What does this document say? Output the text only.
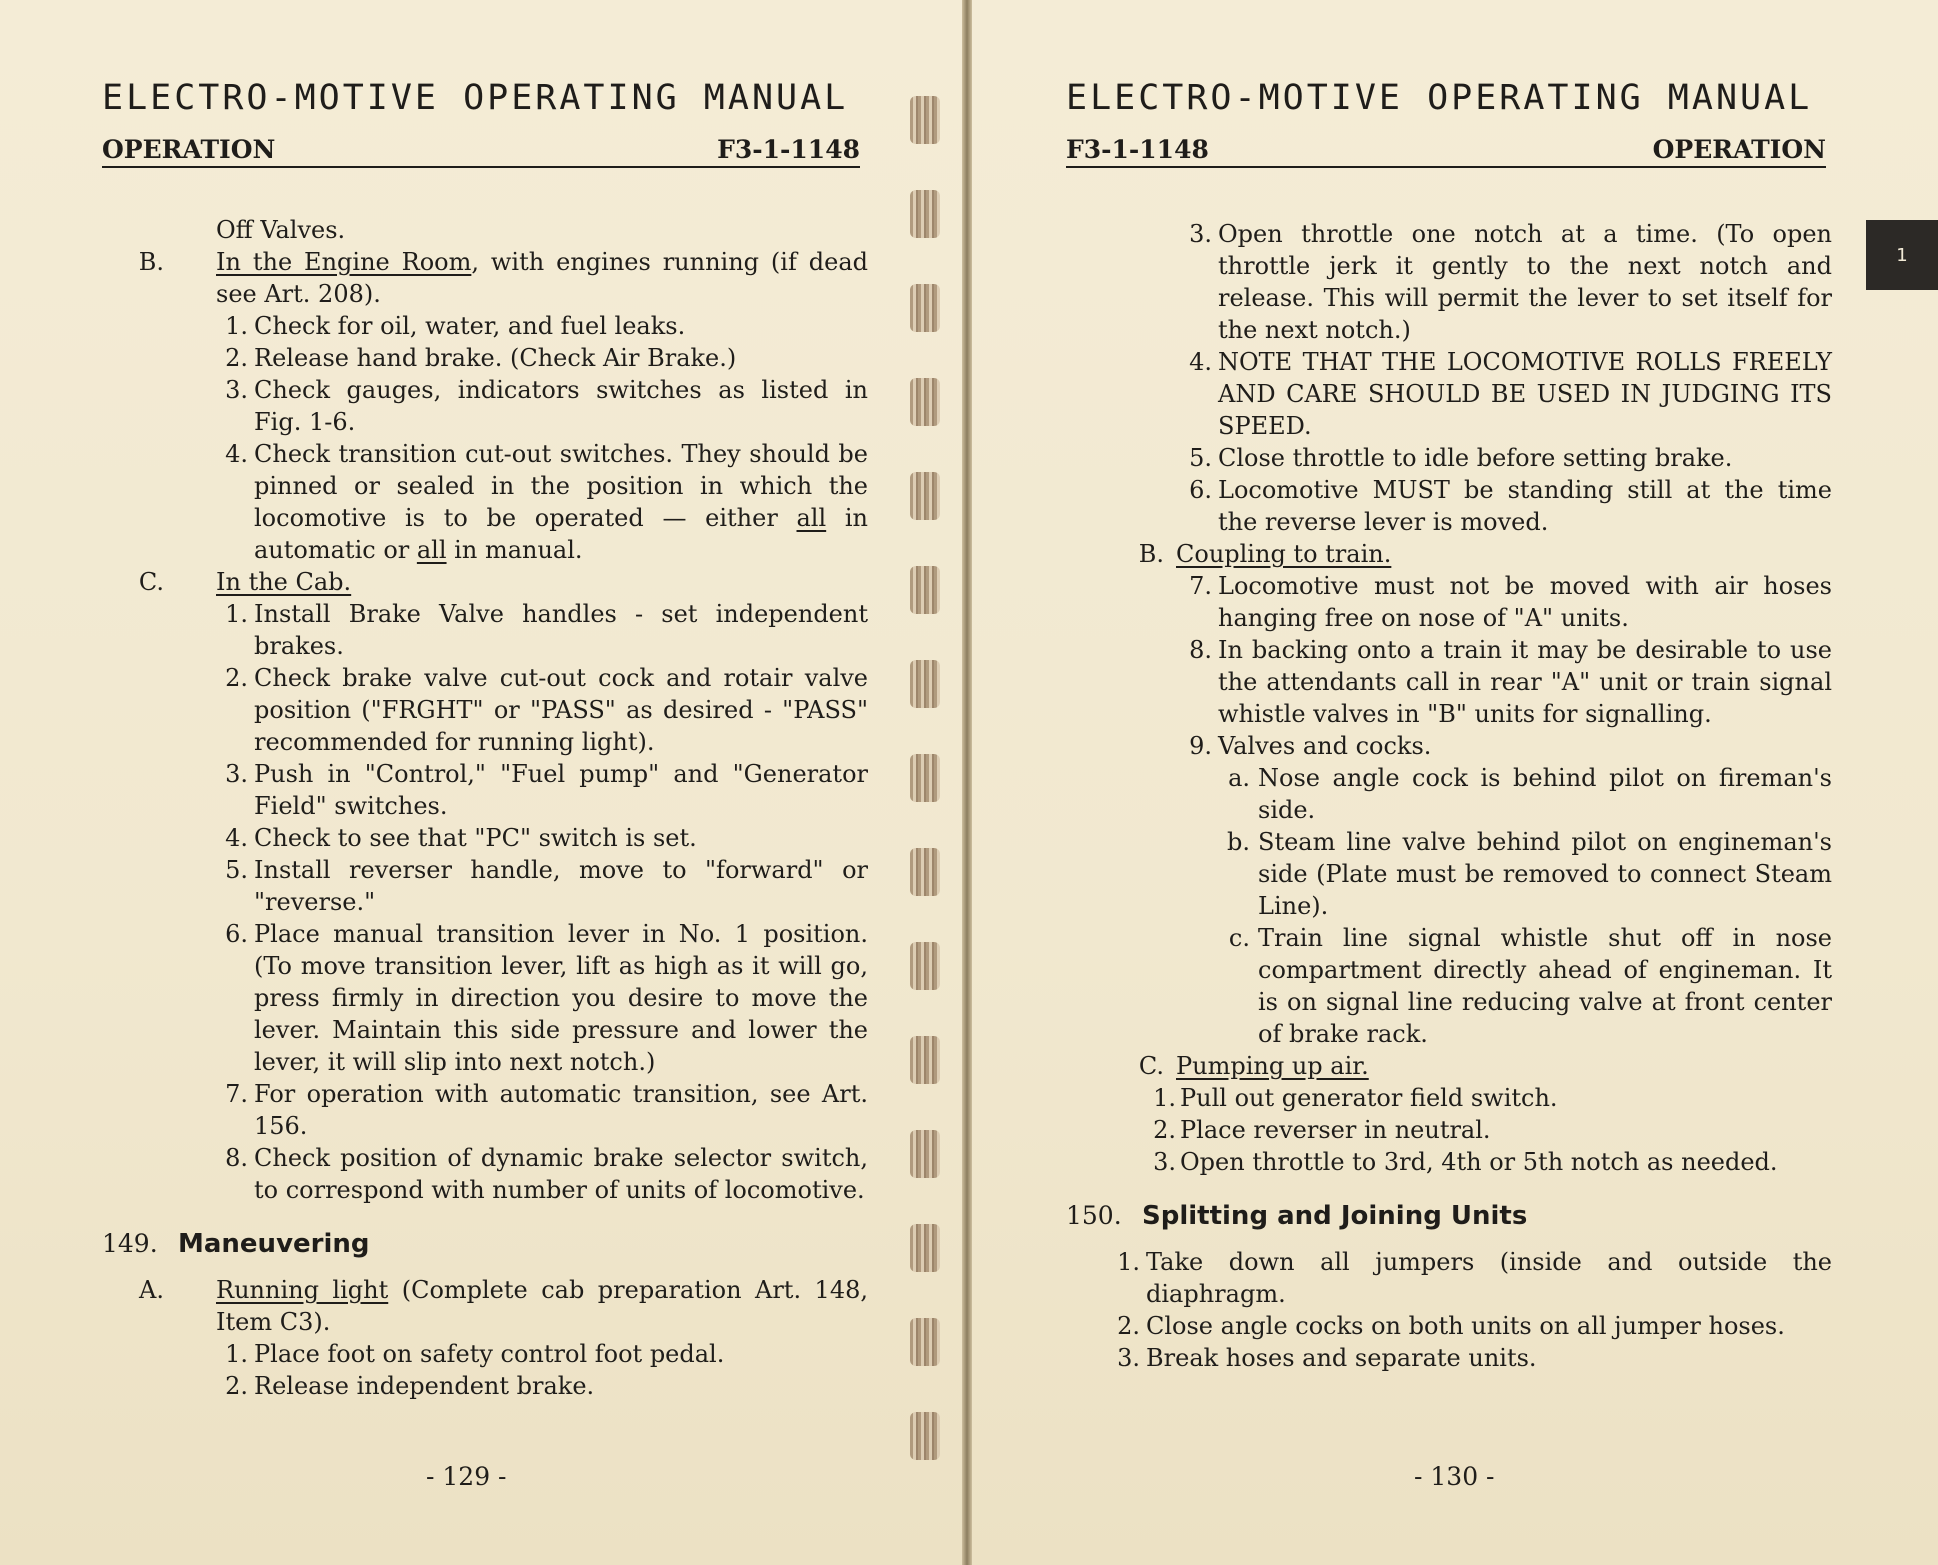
ELECTRO-MOTIVE OPERATING MANUAL
OPERATION	F3-1-1148
Off Valves.
B. In the Engine Room, with engines running (if dead see Art. 208).
1. Check for oil, water, and fuel leaks.
2. Release hand brake. (Check Air Brake.)
3. Check gauges, indicators switches as listed in Fig. 1-6.
4. Check transition cut-out switches. They should be pinned or sealed in the position in which the locomotive is to be operated — either all in automatic or all in manual.
C. In the Cab.
1. Install Brake Valve handles - set independent brakes.
2. Check brake valve cut-out cock and rotair valve position ("FRGHT" or "PASS" as desired - "PASS" recommended for running light).
3. Push in "Control," "Fuel pump" and "Generator Field" switches.
4. Check to see that "PC" switch is set.
5. Install reverser handle, move to "forward" or "reverse."
6. Place manual transition lever in No. 1 position. (To move transition lever, lift as high as it will go, press firmly in direction you desire to move the lever. Maintain this side pressure and lower the lever, it will slip into next notch.)
7. For operation with automatic transition, see Art. 156.
8. Check position of dynamic brake selector switch, to correspond with number of units of locomotive.
149. Maneuvering
A. Running light (Complete cab preparation Art. 148, Item C3).
1. Place foot on safety control foot pedal.
2. Release independent brake.
- 129 -
ELECTRO-MOTIVE OPERATING MANUAL
F3-1-1148	OPERATION
3. Open throttle one notch at a time. (To open throttle jerk it gently to the next notch and release. This will permit the lever to set itself for the next notch.)
4. NOTE THAT THE LOCOMOTIVE ROLLS FREELY AND CARE SHOULD BE USED IN JUDGING ITS SPEED.
5. Close throttle to idle before setting brake.
6. Locomotive MUST be standing still at the time the reverse lever is moved.
B. Coupling to train.
7. Locomotive must not be moved with air hoses hanging free on nose of "A" units.
8. In backing onto a train it may be desirable to use the attendants call in rear "A" unit or train signal whistle valves in "B" units for signalling.
9. Valves and cocks.
a. Nose angle cock is behind pilot on fireman's side.
b. Steam line valve behind pilot on engineman's side (Plate must be removed to connect Steam Line).
c. Train line signal whistle shut off in nose compartment directly ahead of engineman. It is on signal line reducing valve at front center of brake rack.
C. Pumping up air.
1. Pull out generator field switch.
2. Place reverser in neutral.
3. Open throttle to 3rd, 4th or 5th notch as needed.
150. Splitting and Joining Units
1. Take down all jumpers (inside and outside the diaphragm.
2. Close angle cocks on both units on all jumper hoses.
3. Break hoses and separate units.
- 130 -
1
